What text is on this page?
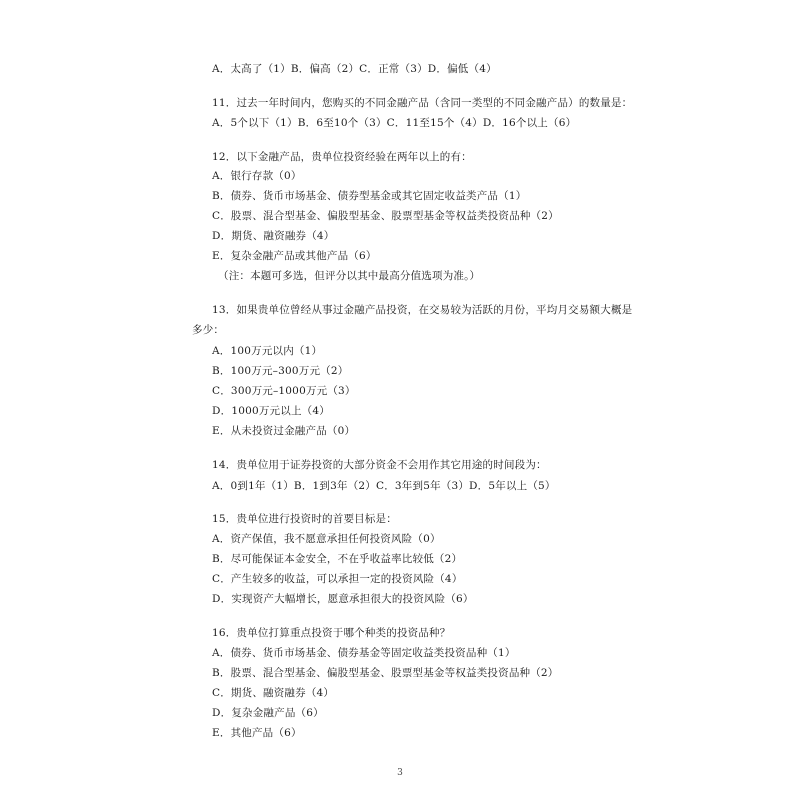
A．太高了（1）B．偏高（2）C．正常（3）D．偏低（4）
11．过去一年时间内，您购买的不同金融产品（含同一类型的不同金融产品）的数量是：
A．5个以下（1）B．6至10个（3）C．11至15个（4）D．16个以上（6）
12．以下金融产品，贵单位投资经验在两年以上的有：
A．银行存款（0）
B．债券、货币市场基金、债券型基金或其它固定收益类产品（1）
C．股票、混合型基金、偏股型基金、股票型基金等权益类投资品种（2）
D．期货、融资融券（4）
E．复杂金融产品或其他产品（6）
（注：本题可多选，但评分以其中最高分值选项为准。）
13．如果贵单位曾经从事过金融产品投资，在交易较为活跃的月份，平均月交易额大概是
多少：
A．100万元以内（1）
B．100万元–300万元（2）
C．300万元–1000万元（3）
D．1000万元以上（4）
E．从未投资过金融产品（0）
14．贵单位用于证券投资的大部分资金不会用作其它用途的时间段为：
A．0到1年（1）B．1到3年（2）C．3年到5年（3）D．5年以上（5）
15．贵单位进行投资时的首要目标是：
A．资产保值，我不愿意承担任何投资风险（0）
B．尽可能保证本金安全，不在乎收益率比较低（2）
C．产生较多的收益，可以承担一定的投资风险（4）
D．实现资产大幅增长，愿意承担很大的投资风险（6）
16．贵单位打算重点投资于哪个种类的投资品种？
A．债券、货币市场基金、债券基金等固定收益类投资品种（1）
B．股票、混合型基金、偏股型基金、股票型基金等权益类投资品种（2）
C．期货、融资融券（4）
D．复杂金融产品（6）
E．其他产品（6）
3
